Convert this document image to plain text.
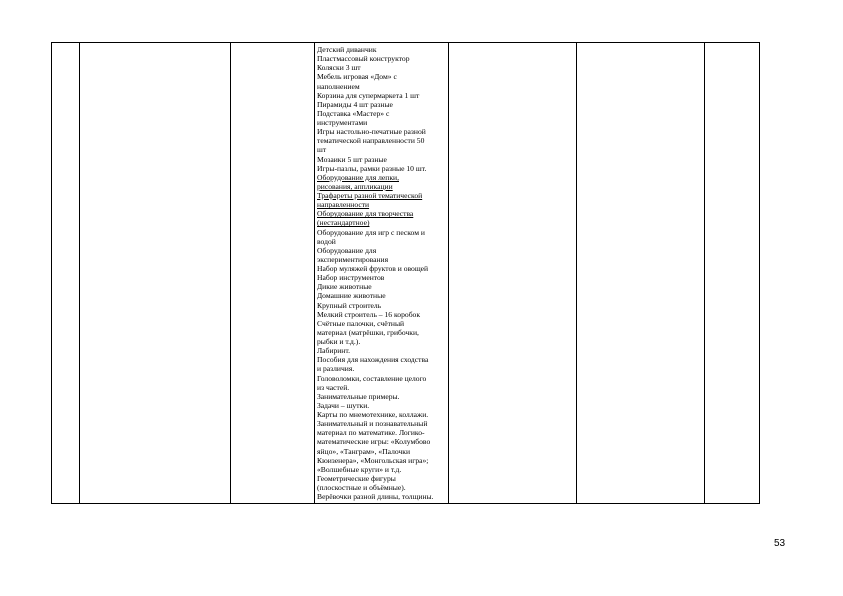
Детский диванчик
Пластмассовый конструктор
Коляски 3 шт
Мебель игровая «Дом» с
наполнением
Корзина для супермаркета 1 шт
Пирамиды 4 шт разные
Подставка «Мастер» с
инструментами
Игры настольно-печатные разной
тематической направленности 50
шт
Мозаики 5 шт разные
Игры-пазлы, рамки разные 10 шт.
Оборудование для лепки,
рисования, аппликации
Трафареты разной тематической
направленности
Оборудование для творчества
(нестандартное)
Оборудование для игр с песком и
водой
Оборудование для
экспериментирования
Набор муляжей фруктов и овощей
Набор инструментов
Дикие животные
Домашние животные
Крупный строитель
Мелкий строитель – 16 коробок
Счётные палочки, счётный
материал (матрёшки, грибочки,
рыбки и т.д.).
Лабиринт.
Пособия для нахождения сходства
и различия.
Головоломки, составление целого
из частей.
Занимательные примеры.
Задачи – шутки.
Карты по мнемотехнике, коллажи.
Занимательный и познавательный
материал по математике. Логико-
математические игры: «Колумбово
яйцо», «Танграм», «Палочки
Кюизенера», «Монгольская игра»;
«Волшебные круги» и т.д.
Геометрические фигуры
(плоскостные и объёмные).
Верёвочки разной длины, толщины.
53
